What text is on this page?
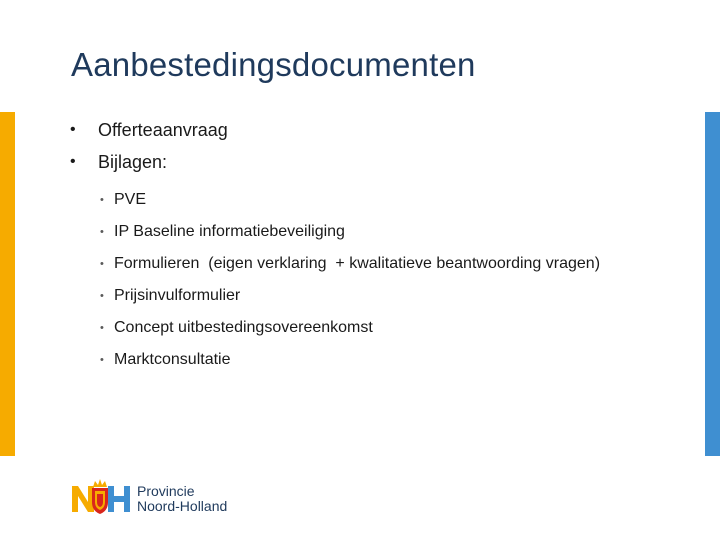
Aanbestedingsdocumenten
• Offerteaanvraag
• Bijlagen:
• PVE
• IP Baseline informatiebeveiliging
• Formulieren  (eigen verklaring  + kwalitatieve beantwoording vragen)
• Prijsinvulformulier
• Concept uitbestedingsovereenkomst
• Marktconsultatie
Provincie
Noord-Holland
